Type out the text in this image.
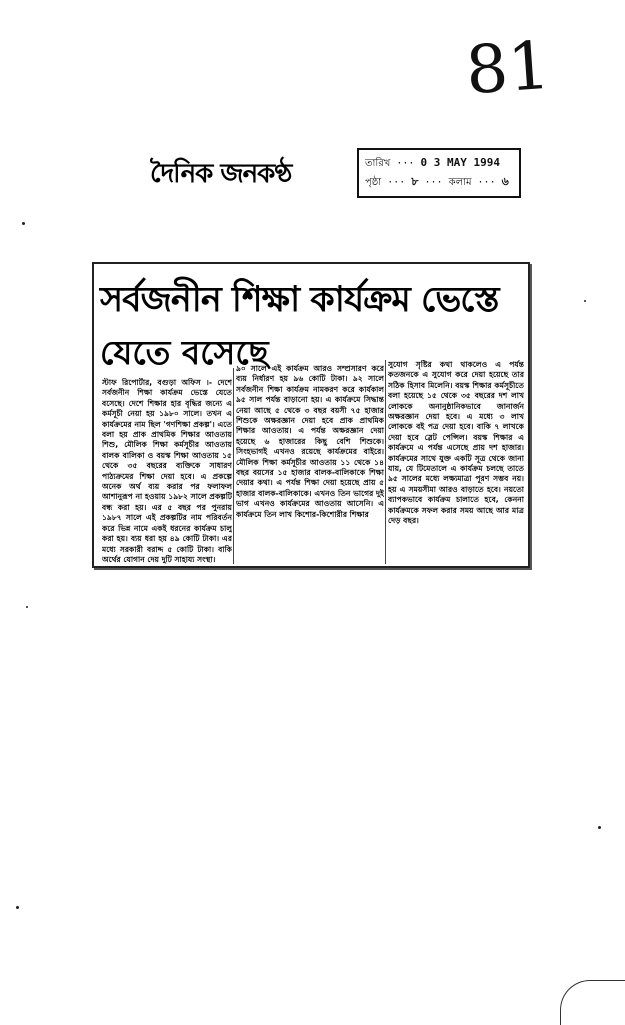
81
দৈনিক জনকণ্ঠ	তারিখ ··· 0 3 MAY 1994
পৃষ্ঠা ··· ৮ ··· কলাম ··· ৬
সর্বজনীন শিক্ষা কার্যক্রম ভেস্তে
যেতে বসেছে

স্টাফ রিপোর্টার, বগুড়া অফিস ।- দেশে সর্বজনীন শিক্ষা কার্যক্রম ভেস্তে যেতে বসেছে। দেশে শিক্ষার হার বৃদ্ধির জন্যে এ কর্মসূচী নেয়া হয় ১৯৮০ সালে। তখন এ কার্যক্রমের নাম ছিল 'গণশিক্ষা প্রকল্প'। এতে বলা হয় প্রাক প্রাথমিক শিক্ষার আওতায় শিশু, মৌলিক শিক্ষা কর্মসূচীর আওতায় বালক বালিকা ও বয়স্ক শিক্ষা আওতায় ১৫ থেকে ৩৫ বছরের ব্যক্তিকে সাধারণ পাঠ্যক্রমের শিক্ষা দেয়া হবে। এ প্রকল্পে অনেক অর্থ ব্যয় করার পর ফলাফল আশানুরূপ না হওয়ায় ১৯৮২ সালে প্রকল্পটি বন্ধ করা হয়। এর ৫ বছর পর পুনরায় ১৯৮৭ সালে এই প্রকল্পটির নাম পরিবর্তন করে ভিন্ন নামে একই ধরনের কার্যক্রম চালু করা হয়। ব্যয় ধরা হয় ৪৯ কোটি টাকা। এর মধ্যে সরকারী বরাদ্দ ৫ কোটি টাকা। বাকি অর্থের যোগান দেয় দুটি সাহায্য সংস্থা।

৯০ সালে এই কার্যক্রম আরও সম্প্রসারণ করে ব্যয় নির্ধারণ হয় ৯৬ কোটি টাকা। ৯২ সালে সর্বজনীন শিক্ষা কার্যক্রম নামকরণ করে কার্যকাল ৯৫ সাল পর্যন্ত বাড়ানো হয়। এ কার্যক্রমে সিদ্ধান্ত নেয়া আছে ৫ থেকে ৩ বছর বয়সী ৭৫ হাজার শিশুকে অক্ষরজ্ঞান দেয়া হবে প্রাক প্রাথমিক শিক্ষার আওতায়। এ পর্যন্ত অক্ষরজ্ঞান দেয়া হয়েছে ৬ হাজারের কিছু বেশি শিশুকে। সিংহভাগই এখনও রয়েছে কার্যক্রমের বাইরে। মৌলিক শিক্ষা কর্মসূচীর আওতায় ১১ থেকে ১৪ বছর বয়সের ১৫ হাজার বালক-বালিকাকে শিক্ষা দেয়ার কথা। এ পর্যন্ত শিক্ষা দেয়া হয়েছে প্রায় ৫ হাজার বালক-বালিকাকে। এখনও তিন ভাগের দুই ভাগ এখনও কার্যক্রমের আওতায় আসেনি। এ কার্যক্রমে তিন লাখ কিশোর-কিশোরীর শিক্ষার

সুযোগ সৃষ্টির কথা থাকলেও এ পর্যন্ত কতজনকে এ সুযোগ করে দেয়া হয়েছে তার সঠিক হিসাব মিলেনি। বয়স্ক শিক্ষার কর্মসূচীতে বলা হয়েছে ১৫ থেকে ৩৫ বছরের দশ লাখ লোককে অনানুষ্ঠানিকভাবে জানার্জন অক্ষরজ্ঞান দেয়া হবে। এ মধ্যে ৩ লাখ লোককে বই পত্র দেয়া হবে। বাকি ৭ লাখকে দেয়া হবে স্লেট পেন্সিল। বয়স্ক শিক্ষার এ কার্যক্রমে এ পর্যন্ত এসেছে প্রায় দশ হাজার। কার্যক্রমের সাথে যুক্ত একটি সূত্র থেকে জানা যায়, যে টিমেতালে এ কার্যক্রম চলছে তাতে ৯৫ সালের মধ্যে লক্ষ্যমাত্রা পূরণ সম্ভব নয়। হয় এ সময়সীমা আরও বাড়াতে হবে। নয়তো ব্যাপকভাবে কার্যক্রম চালাতে হবে, কেননা কার্যক্রমকে সফল করার সময় আছে আর মাত্র দেড় বছর।
